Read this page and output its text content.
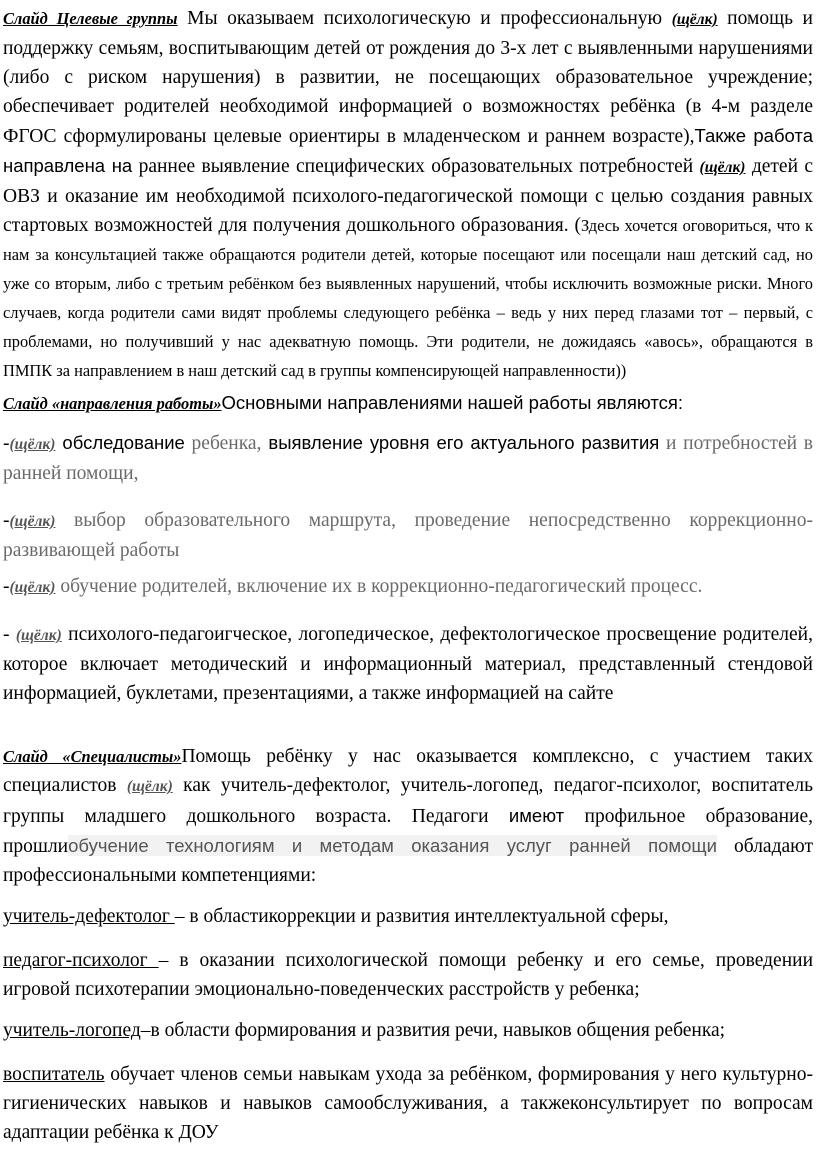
Слайд Целевые группы Мы оказываем психологическую и профессиональную (щёлк) помощь и поддержку семьям, воспитывающим детей от рождения до 3-х лет с выявленными нарушениями (либо с риском нарушения) в развитии, не посещающих образовательное учреждение; обеспечивает родителей необходимой информацией о возможностях ребёнка (в 4-м разделе ФГОС сформулированы целевые ориентиры в младенческом и раннем возрасте),Также работа направлена на раннее выявление специфических образовательных потребностей (щёлк) детей с ОВЗ и оказание им необходимой психолого-педагогической помощи с целью создания равных стартовых возможностей для получения дошкольного образования. (Здесь хочется оговориться, что к нам за консультацией также обращаются родители детей, которые посещают или посещали наш детский сад, но уже со вторым, либо с третьим ребёнком без выявленных нарушений, чтобы исключить возможные риски. Много случаев, когда родители сами видят проблемы следующего ребёнка – ведь у них перед глазами тот – первый, с проблемами, но получивший у нас адекватную помощь. Эти родители, не дожидаясь «авось», обращаются в ПМПК за направлением в наш детский сад в группы компенсирующей направленности))

Слайд «направления работы»Основными направлениями нашей работы являются:

-(щёлк) обследование ребенка, выявление уровня его актуального развития и потребностей в ранней помощи,

-(щёлк) выбор образовательного маршрута, проведение непосредственно коррекционно-развивающей работы

-(щёлк) обучение родителей, включение их в коррекционно-педагогический процесс.

- (щёлк) психолого-педагоигческое, логопедическое, дефектологическое просвещение родителей, которое включает методический и информационный материал, представленный стендовой информацией, буклетами, презентациями, а также информацией на сайте

Слайд «Специалисты»Помощь ребёнку у нас оказывается комплексно, с участием таких специалистов (щёлк) как учитель-дефектолог, учитель-логопед, педагог-психолог, воспитатель группы младшего дошкольного возраста. Педагоги имеют профильное образование, прошлиобучение технологиям и методам оказания услуг ранней помощи обладают профессиональными компетенциями:

учитель-дефектолог – в областикоррекции и развития интеллектуальной сферы,

педагог-психолог – в оказании психологической помощи ребенку и его семье, проведении игровой психотерапии эмоционально-поведенческих расстройств у ребенка;

учитель-логопед–в области формирования и развития речи, навыков общения ребенка;

воспитатель обучает членов семьи навыкам ухода за ребёнком, формирования у него культурно-гигиенических навыков и навыков самообслуживания, а такжеконсультирует по вопросам адаптации ребёнка к ДОУ
